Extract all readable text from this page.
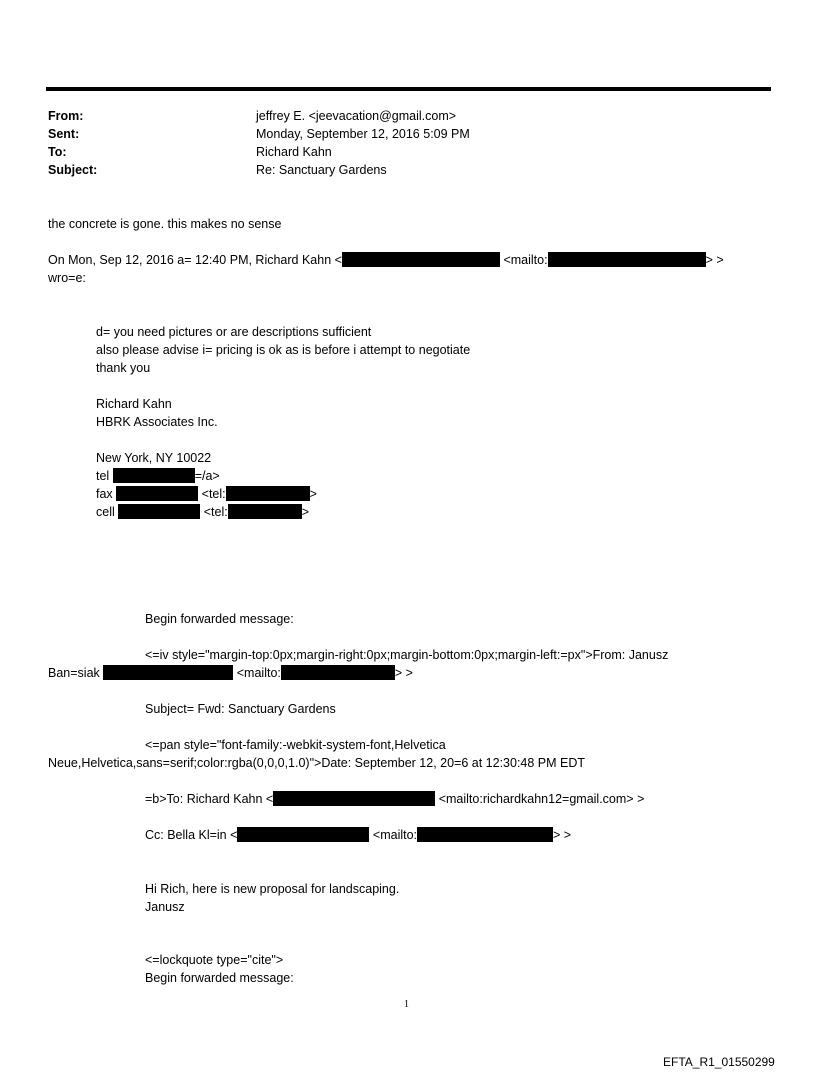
From:	jeffrey E. <jeevacation@gmail.com>
Sent:	Monday, September 12, 2016 5:09 PM
To:	Richard Kahn
Subject:	Re: Sanctuary Gardens
the concrete is gone. this makes no sense
On Mon, Sep 12, 2016 a= 12:40 PM, Richard Kahn <	<mailto:	> >
wro=e:
d= you need pictures or are descriptions sufficient
also please advise i= pricing is ok as is before i attempt to negotiate
thank you
Richard Kahn
HBRK Associates Inc.
New York, NY 10022
tel	=/a>
fax	<tel:	>
cell	<tel:	>
Begin forwarded message:
<=iv style="margin-top:0px;margin-right:0px;margin-bottom:0px;margin-left:=px">From: Janusz
Ban=siak	<mailto:	> >
Subject= Fwd: Sanctuary Gardens
<=pan style="font-family:-webkit-system-font,Helvetica
Neue,Helvetica,sans=serif;color:rgba(0,0,0,1.0)">Date: September 12, 20=6 at 12:30:48 PM EDT
=b>To: Richard Kahn <	<mailto:richardkahn12=gmail.com> >
Cc: Bella Kl=in <	<mailto:	> >
Hi Rich, here is new proposal for landscaping.
Janusz
<=lockquote type="cite">
Begin forwarded message:
1
EFTA_R1_01550299
